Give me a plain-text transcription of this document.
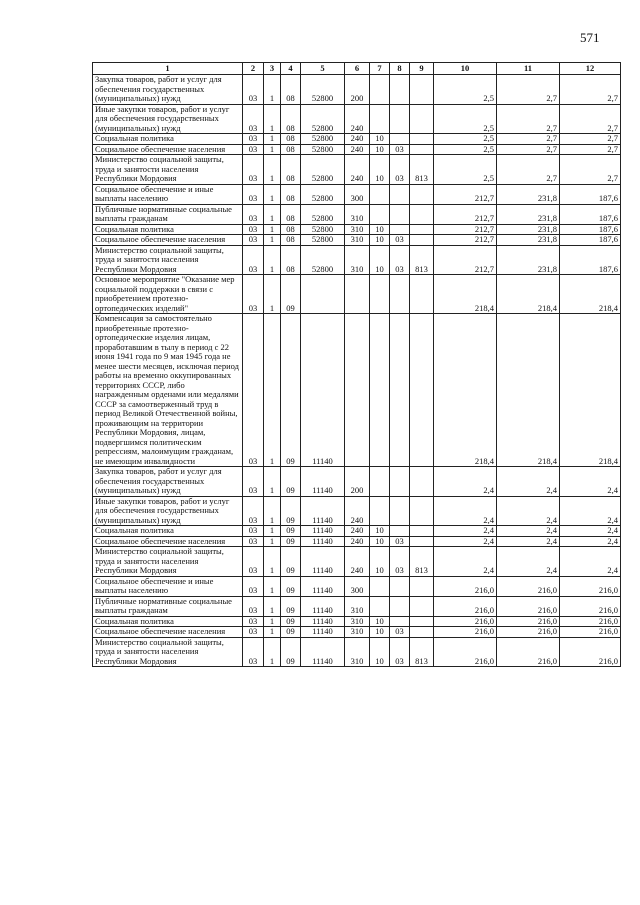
571
1	2	3	4	5	6	7	8	9	10	11	12
Закупка товаров, работ и услуг для обеспечения государственных (муниципальных) нужд	03	1	08	52800	200				2,5	2,7	2,7
Иные закупки товаров, работ и услуг для обеспечения государственных (муниципальных) нужд	03	1	08	52800	240				2,5	2,7	2,7
Социальная политика	03	1	08	52800	240	10			2,5	2,7	2,7
Социальное обеспечение населения	03	1	08	52800	240	10	03		2,5	2,7	2,7
Министерство социальной защиты, труда и занятости населения Республики Мордовия	03	1	08	52800	240	10	03	813	2,5	2,7	2,7
Социальное обеспечение и иные выплаты населению	03	1	08	52800	300				212,7	231,8	187,6
Публичные нормативные социальные выплаты гражданам	03	1	08	52800	310				212,7	231,8	187,6
Социальная политика	03	1	08	52800	310	10			212,7	231,8	187,6
Социальное обеспечение населения	03	1	08	52800	310	10	03		212,7	231,8	187,6
Министерство социальной защиты, труда и занятости населения Республики Мордовия	03	1	08	52800	310	10	03	813	212,7	231,8	187,6
Основное мероприятие "Оказание мер социальной поддержки в связи с приобретением протезно-ортопедических изделий"	03	1	09						218,4	218,4	218,4
Компенсация за самостоятельно приобретенные протезно-ортопедические изделия лицам, проработавшим в тылу в период с 22 июня 1941 года по 9 мая 1945 года не менее шести месяцев, исключая период работы на временно оккупированных территориях СССР, либо награжденным орденами или медалями СССР за самоотверженный труд в период Великой Отечественной войны, проживающим на территории Республики Мордовия, лицам, подвергшимся политическим репрессиям, малоимущим гражданам, не имеющим инвалидности	03	1	09	11140					218,4	218,4	218,4
Закупка товаров, работ и услуг для обеспечения государственных (муниципальных) нужд	03	1	09	11140	200				2,4	2,4	2,4
Иные закупки товаров, работ и услуг для обеспечения государственных (муниципальных) нужд	03	1	09	11140	240				2,4	2,4	2,4
Социальная политика	03	1	09	11140	240	10			2,4	2,4	2,4
Социальное обеспечение населения	03	1	09	11140	240	10	03		2,4	2,4	2,4
Министерство социальной защиты, труда и занятости населения Республики Мордовия	03	1	09	11140	240	10	03	813	2,4	2,4	2,4
Социальное обеспечение и иные выплаты населению	03	1	09	11140	300				216,0	216,0	216,0
Публичные нормативные социальные выплаты гражданам	03	1	09	11140	310				216,0	216,0	216,0
Социальная политика	03	1	09	11140	310	10			216,0	216,0	216,0
Социальное обеспечение населения	03	1	09	11140	310	10	03		216,0	216,0	216,0
Министерство социальной защиты, труда и занятости населения Республики Мордовия	03	1	09	11140	310	10	03	813	216,0	216,0	216,0
